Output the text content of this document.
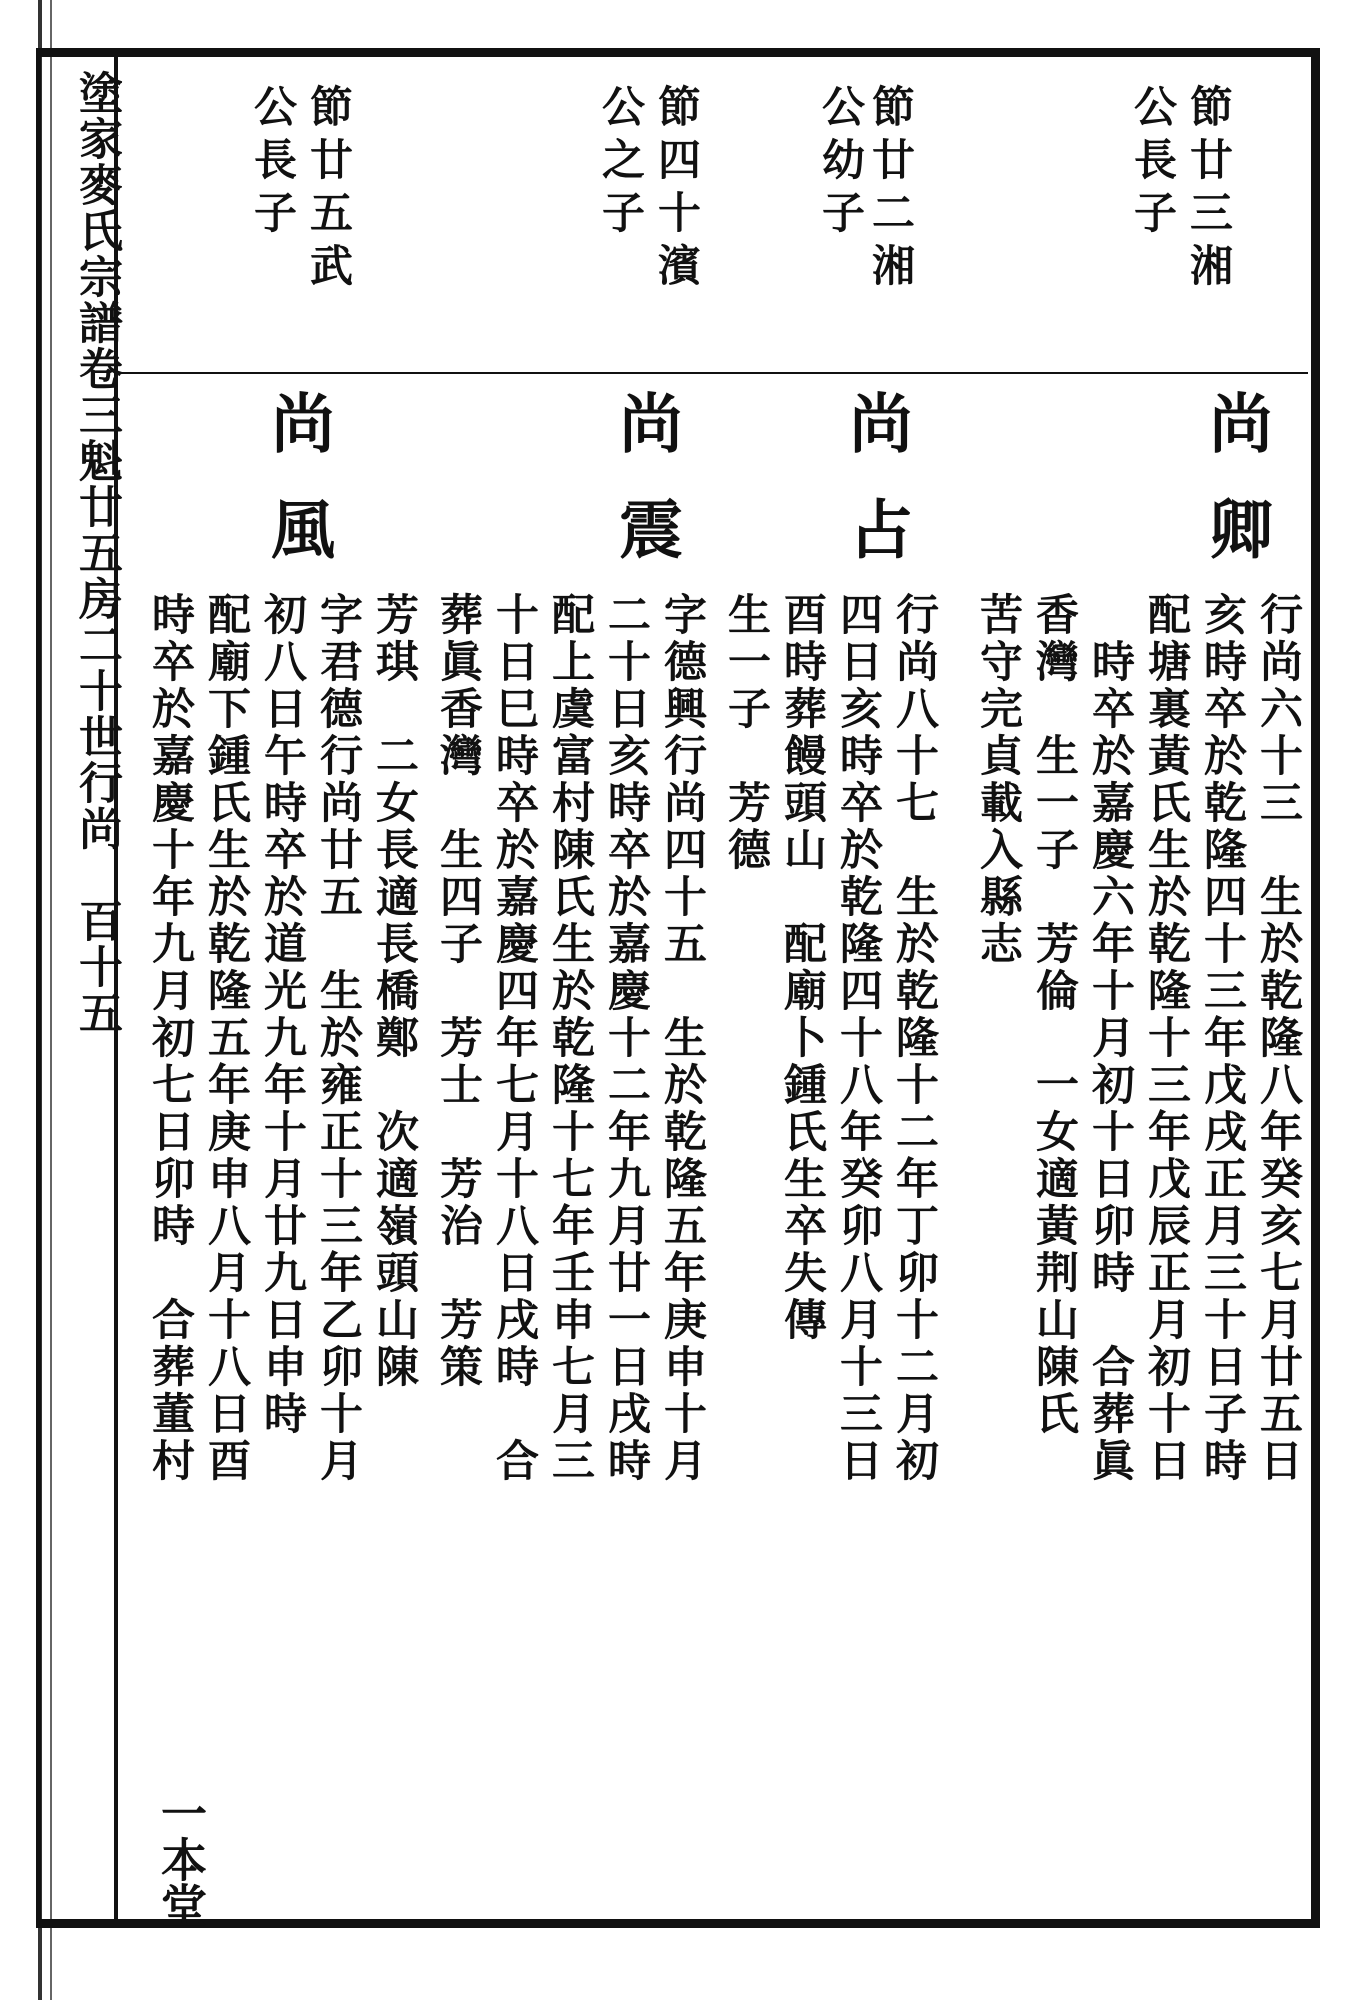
塗家麥氏宗譜卷三魁廿五房二十世行尚　百十五
一本堂
節廿三湘
公長子
尚卿
行尚六十三　生於乾隆八年癸亥七月廿五日
亥時卒於乾隆四十三年戊戌正月三十日子時
配塘裏黃氏生於乾隆十三年戊辰正月初十日
　時卒於嘉慶六年十月初十日卯時　合葬眞
香灣　生一子　芳倫　一女適黃荆山陳氏
苦守完貞載入縣志
節廿二湘
公幼子
尚占
行尚八十七　生於乾隆十二年丁卯十二月初
四日亥時卒於乾隆四十八年癸卯八月十三日
酉時葬饅頭山　配廟卜鍾氏生卒失傳
生一子　芳德
節四十濱
公之子
尚震
字德興行尚四十五　生於乾隆五年庚申十月
二十日亥時卒於嘉慶十二年九月廿一日戌時
配上虞富村陳氏生於乾隆十七年壬申七月三
十日巳時卒於嘉慶四年七月十八日戌時　合
葬眞香灣　生四子　芳士　芳治　芳策
節廿五武
公長子
尚風
芳琪　二女長適長橋鄭　次適嶺頭山陳
字君德行尚廿五　生於雍正十三年乙卯十月
初八日午時卒於道光九年十月廿九日申時
配廟下鍾氏生於乾隆五年庚申八月十八日酉
時卒於嘉慶十年九月初七日卯時　合葬董村
